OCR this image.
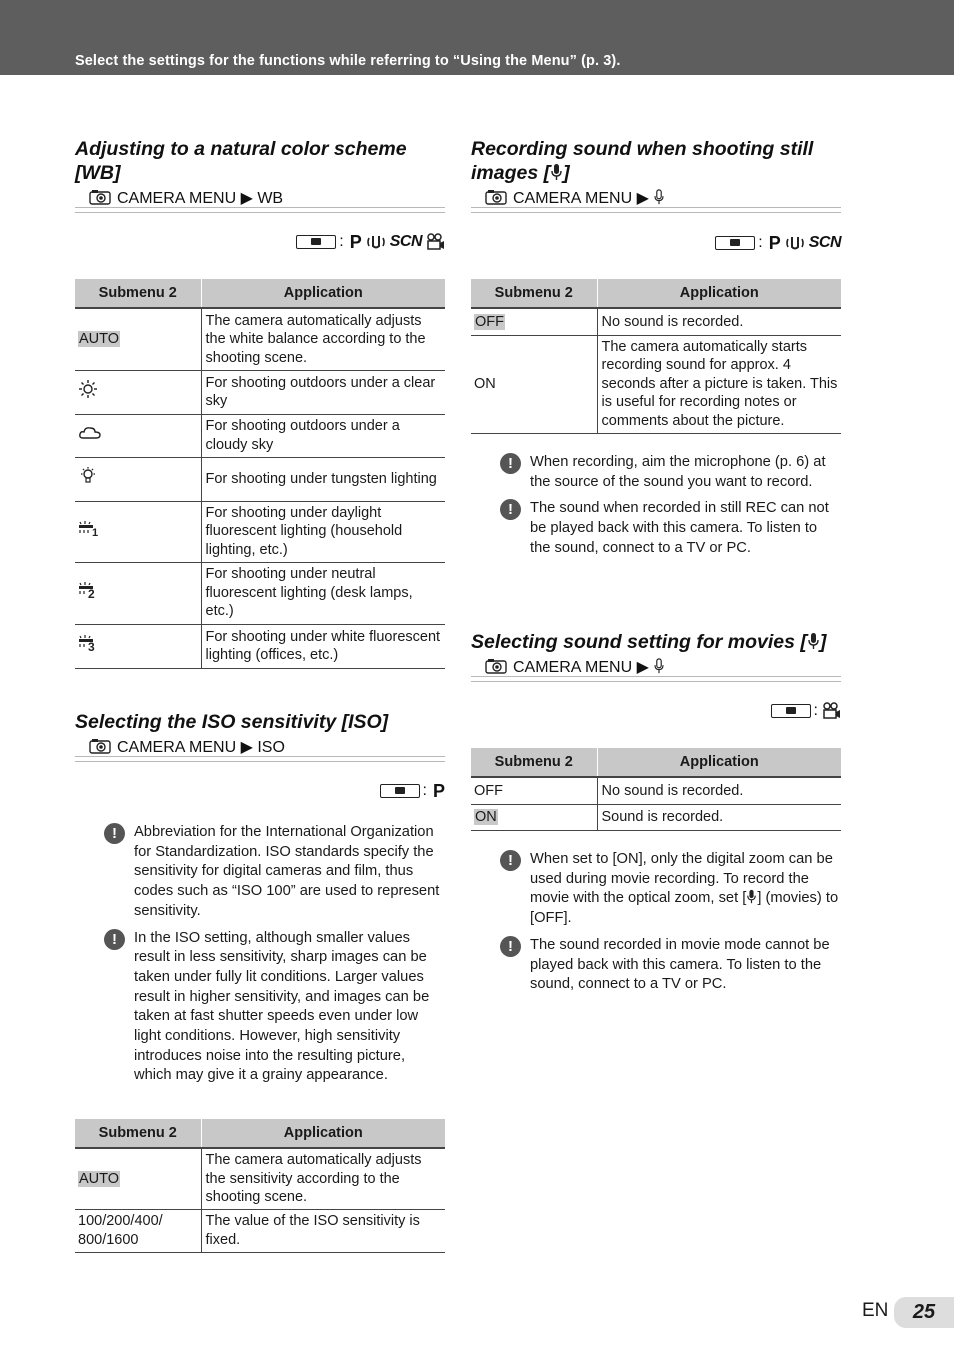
Select the settings for the functions while referring to “Using the Menu” (p. 3).
Adjusting to a natural color scheme [WB]
CAMERA MENU ▶ WB
: P SCN
Submenu 2	Application
AUTO	The camera automatically adjusts the white balance according to the shooting scene.
	For shooting outdoors under a clear sky
	For shooting outdoors under a cloudy sky
	For shooting under tungsten lighting

1	For shooting under daylight fluorescent lighting (household lighting, etc.)

2	For shooting under neutral fluorescent lighting (desk lamps, etc.)

3	For shooting under white fluorescent lighting (offices, etc.)
Selecting the ISO sensitivity [ISO]
CAMERA MENU ▶ ISO
: P
!	Abbreviation for the International Organization for Standardization. ISO standards specify the sensitivity for digital cameras and film, thus codes such as “ISO 100” are used to represent sensitivity.
!	In the ISO setting, although smaller values result in less sensitivity, sharp images can be taken under fully lit conditions. Larger values result in higher sensitivity, and images can be taken at fast shutter speeds even under low light conditions. However, high sensitivity introduces noise into the resulting picture, which may give it a grainy appearance.
Submenu 2	Application
AUTO	The camera automatically adjusts the sensitivity according to the shooting scene.
100/200/400/ 800/1600	The value of the ISO sensitivity is fixed.
Recording sound when shooting still images [ ]
CAMERA MENU ▶
: P SCN
Submenu 2	Application
OFF	No sound is recorded.
ON	The camera automatically starts recording sound for approx. 4 seconds after a picture is taken. This is useful for recording notes or comments about the picture.
!	When recording, aim the microphone (p. 6) at the source of the sound you want to record.
!	The sound when recorded in still REC can not be played back with this camera. To listen to the sound, connect to a TV or PC.
Selecting sound setting for movies [ ]
CAMERA MENU ▶
:
Submenu 2	Application
OFF	No sound is recorded.
ON	Sound is recorded.
!	When set to [ON], only the digital zoom can be used during movie recording. To record the movie with the optical zoom, set [ ] (movies) to [OFF].
!	The sound recorded in movie mode cannot be played back with this camera. To listen to the sound, connect to a TV or PC.
EN	25
